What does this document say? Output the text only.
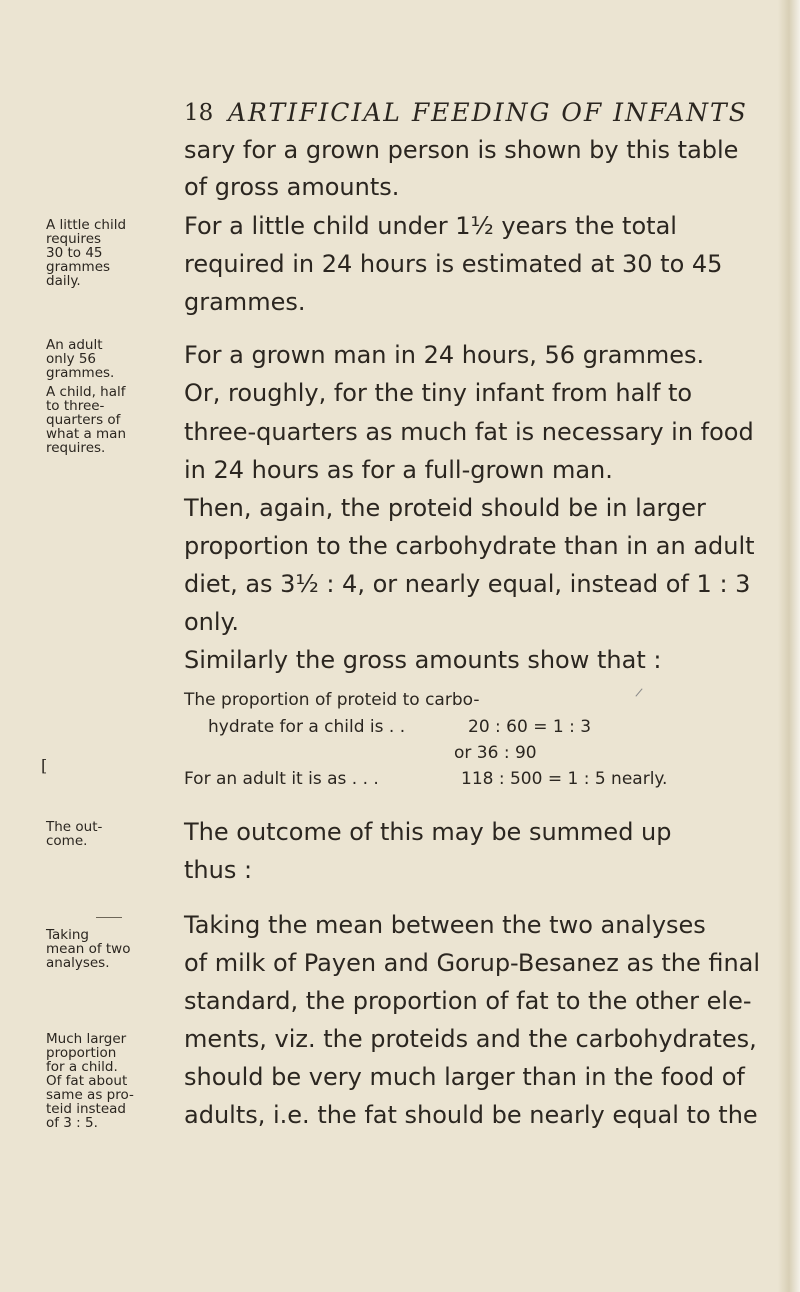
18 ARTIFICIAL FEEDING OF INFANTS
sary for a grown person is shown by this table
of gross amounts.
For a little child under 1½ years the total
required in 24 hours is estimated at 30 to 45
grammes.
For a grown man in 24 hours, 56 grammes.
Or, roughly, for the tiny infant from half to
three-quarters as much fat is necessary in food
in 24 hours as for a full-grown man.
Then, again, the proteid should be in larger
proportion to the carbohydrate than in an adult
diet, as 3½ : 4, or nearly equal, instead of 1 : 3
only.
Similarly the gross amounts show that :
The proportion of proteid to carbo-
hydrate for a child is . .	20 : 60 = 1 : 3
or 36 : 90
For an adult it is as . . .	118 : 500 = 1 : 5 nearly.
The outcome of this may be summed up
thus :
Taking the mean between the two analyses
of milk of Payen and Gorup-Besanez as the final
standard, the proportion of fat to the other ele-
ments, viz. the proteids and the carbohydrates,
should be very much larger than in the food of
adults, i.e. the fat should be nearly equal to the
A little child
requires
30 to 45
grammes
daily.
An adult
only 56
grammes.
A child, half
to three-
quarters of
what a man
requires.
[
The out-
come.
Taking
mean of two
analyses.
Much larger
proportion
for a child.
Of fat about
same as pro-
teid instead
of 3 : 5.
